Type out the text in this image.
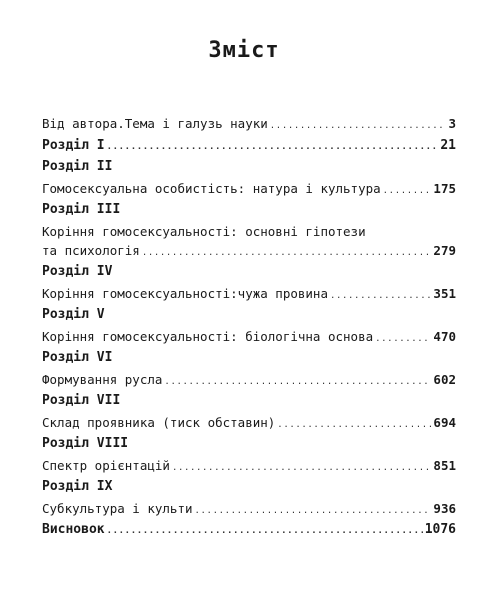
Зміст
Від автора.Тема і галузь науки .....	3
Розділ I .....	21
Розділ II
Гомосексуальна особистість: натура і культура .....	175
Розділ III
Коріння гомосексуальності: основні гіпотези
та психологія .....	279
Розділ IV
Коріння гомосексуальності:чужа провина .....	351
Розділ V
Коріння гомосексуальності: біологічна основа .....	470
Розділ VI
Формування русла .....	602
Розділ VII
Склад проявника (тиск обставин) .....	694
Розділ VIII
Спектр орієнтацій .....	851
Розділ IX
Субкультура і культи .....	936
Висновок .....	1076
